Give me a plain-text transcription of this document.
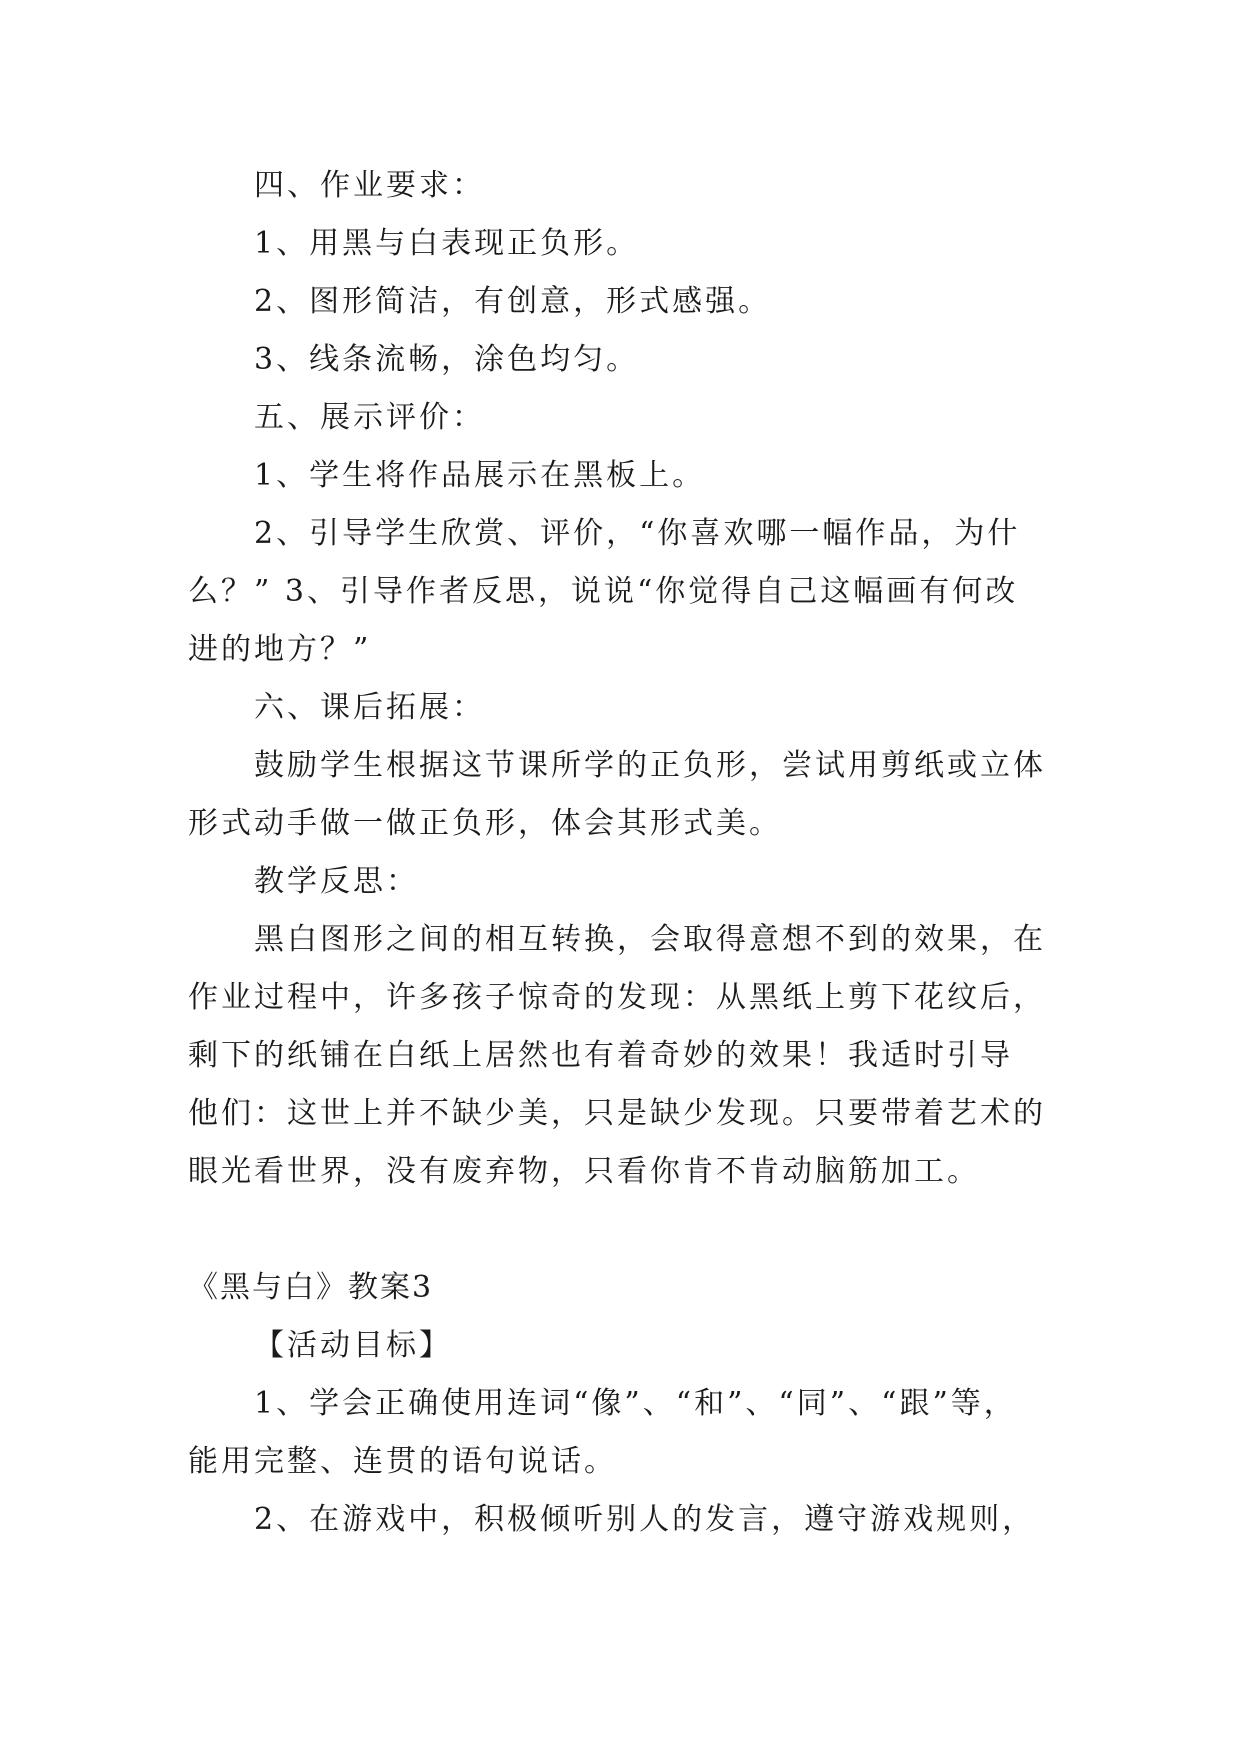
四、作业要求：
1、用黑与白表现正负形。
2、图形简洁，有创意，形式感强。
3、线条流畅，涂色均匀。
五、展示评价：
1、学生将作品展示在黑板上。
2、引导学生欣赏、评价，“你喜欢哪一幅作品，为什
么？” 3、引导作者反思，说说“你觉得自己这幅画有何改
进的地方？”
六、课后拓展：
鼓励学生根据这节课所学的正负形，尝试用剪纸或立体
形式动手做一做正负形，体会其形式美。
教学反思：
黑白图形之间的相互转换，会取得意想不到的效果，在
作业过程中，许多孩子惊奇的发现：从黑纸上剪下花纹后，
剩下的纸铺在白纸上居然也有着奇妙的效果！我适时引导
他们：这世上并不缺少美，只是缺少发现。只要带着艺术的
眼光看世界，没有废弃物，只看你肯不肯动脑筋加工。
《黑与白》教案3
【活动目标】
1、学会正确使用连词“像”、“和”、“同”、“跟”等，
能用完整、连贯的语句说话。
2、在游戏中，积极倾听别人的发言，遵守游戏规则，
